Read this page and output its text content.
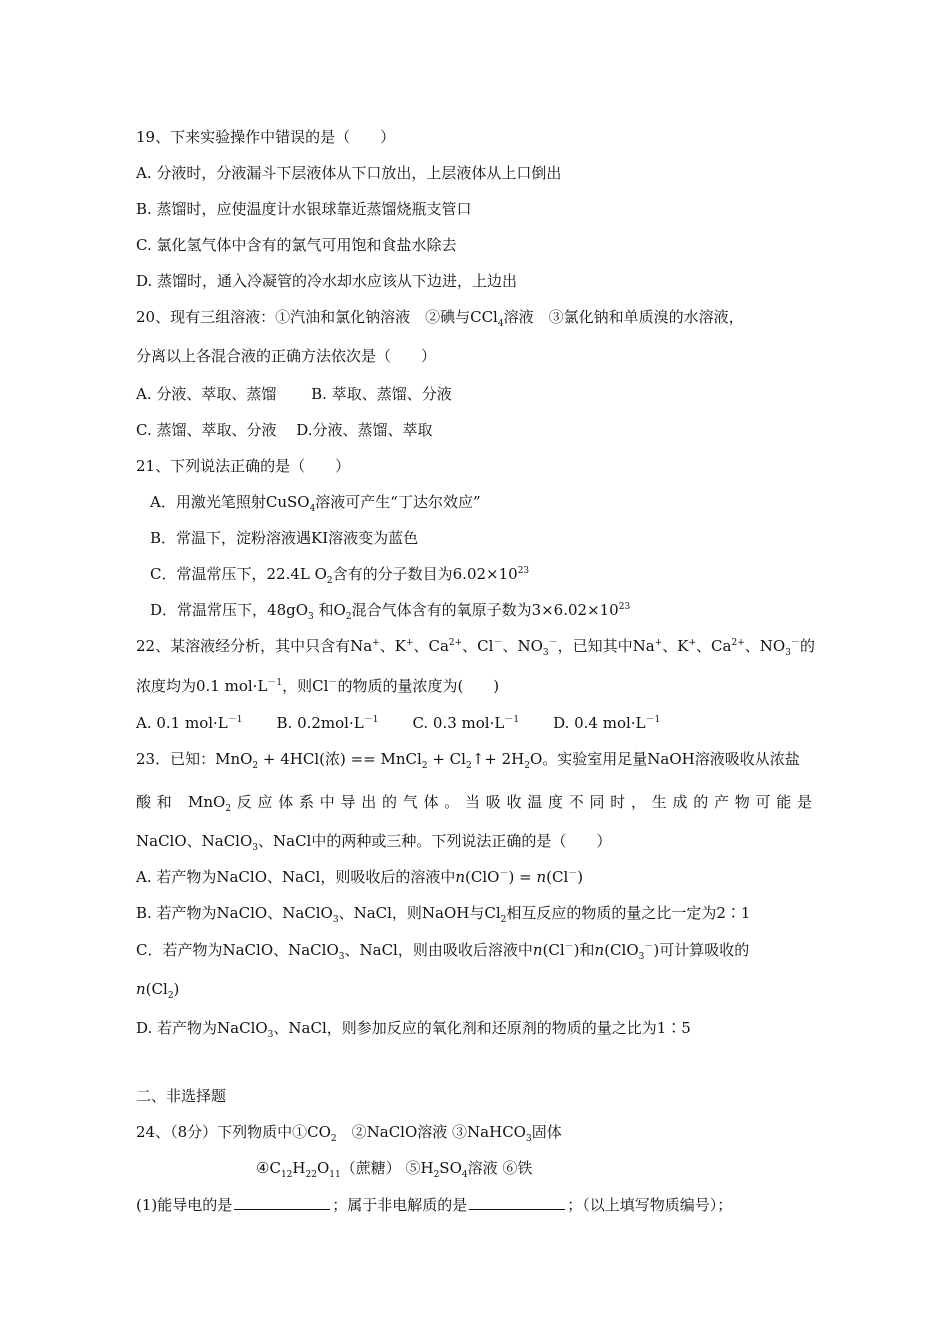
19、下来实验操作中错误的是（　　）
A. 分液时，分液漏斗下层液体从下口放出，上层液体从上口倒出
B. 蒸馏时，应使温度计水银球靠近蒸馏烧瓶支管口
C. 氯化氢气体中含有的氯气可用饱和食盐水除去
D. 蒸馏时，通入冷凝管的冷水却水应该从下边进，上边出
20、现有三组溶液：①汽油和氯化钠溶液　②碘与CCl$_4$溶液　③氯化钠和单质溴的水溶液，
分离以上各混合液的正确方法依次是（　　）
A. 分液、萃取、蒸馏　　 B. 萃取、蒸馏、分液
C. 蒸馏、萃取、分液　 D.分液、蒸馏、萃取
21、下列说法正确的是（　　）
A．用激光笔照射CuSO$_4$溶液可产生“丁达尔效应”
B．常温下，淀粉溶液遇KI溶液变为蓝色
C．常温常压下，22.4L $O_2$含有的分子数目为$6.02\times 10^{23}$
D．常温常压下，$48gO_3$ 和$O_2$混合气体含有的氧原子数为$3\times 6.02\times 10^{23}$
22、某溶液经分析，其中只含有Na+、K+、$Ca^{2+}$、Cl－、$NO_3^-$，已知其中Na+、K+、$Ca^{2+}$、$NO_3^-$的
浓度均为0.1 $mol\cdot L^{-1}$，则Cl－的物质的量浓度为(　　)
A. 0.1 $mol\cdot L^{-1}$ B. $0.2mol\cdot L^{-1}$ C. 0.3 $mol\cdot L^{-1}$ D. 0.4 $mol\cdot L^{-1}$
23．已知：MnO$_2$ + 4HCl(浓) == MnCl$_2$ + $Cl_2↑+ 2H_2O$。实验室用足量NaOH溶液吸收从浓盐
酸和 MnO$_2$反应体系中导出的气体。当吸收温度不同时，生成的产物可能是
NaClO、NaClO$_3$、NaCl中的两种或三种。下列说法正确的是（　　）
A. 若产物为NaClO、NaCl，则吸收后的溶液中n(ClO－) = n(Cl－)
B. 若产物为NaClO、NaClO$_3$、NaCl，则NaOH与$Cl_2$相互反应的物质的量之比一定为2∶1
C．若产物为NaClO、NaClO$_3$、NaCl，则由吸收后溶液中n(Cl－)和n(ClO$_3$－)可计算吸收的
$n(Cl_2)$
D. 若产物为NaClO$_3$、NaCl，则参加反应的氧化剂和还原剂的物质的量之比为1∶5
二、非选择题
24、（8分）下列物质中$①CO_2$　②NaClO溶液 ③NaHCO$_3$固体
$④C_{12}H_{22}O_{11}$（蔗糖） $⑤H_2SO_4$溶液 ⑥铁
(1)能导电的是	；属于非电解质的是	；（以上填写物质编号）；
